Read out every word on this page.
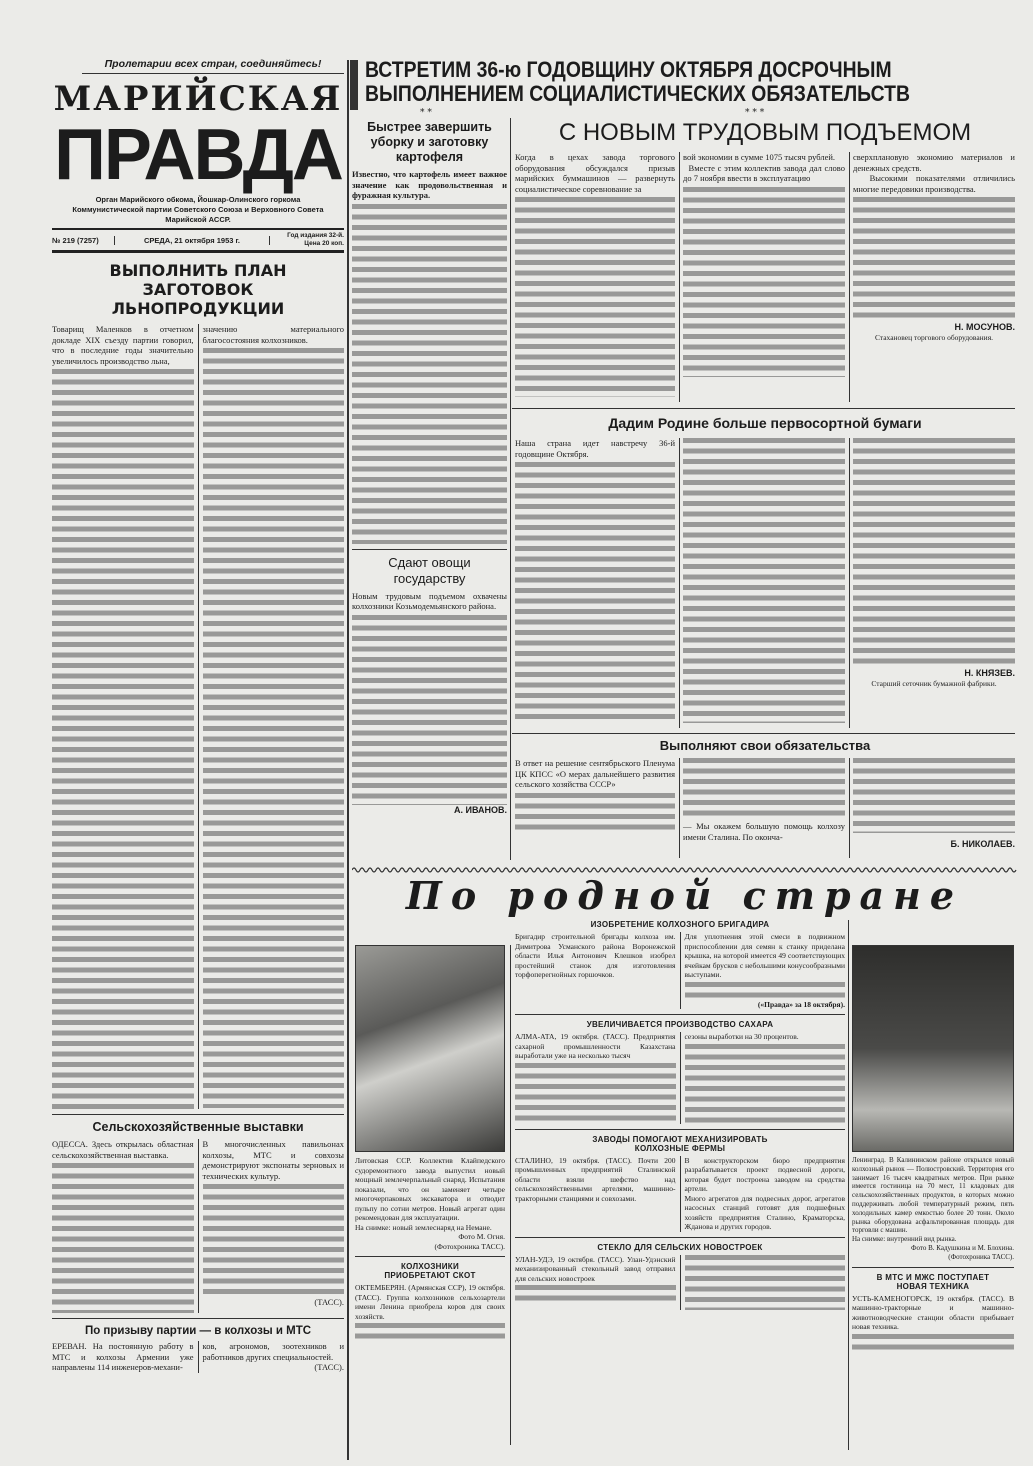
Пролетарии всех стран, соединяйтесь!
МАРИЙСКАЯ
ПРАВДА
Орган Марийского обкома, Йошкар-Олинского горкома Коммунистической партии Советского Союза и Верховного Совета Марийской АССР.
№ 219 (7257)	СРЕДА, 21 октября 1953 г.	Год издания 32-й.
Цена 20 коп.
ВЫПОЛНИТЬ ПЛАН ЗАГОТОВОК ЛЬНОПРОДУКЦИИ
Товарищ Маленков в отчетном докладе XIX съезду партии говорил, что в последние годы значительно увеличилось производство льна,
значению материального благосостояния колхозников.
Сельскохозяйственные выставки
ОДЕССА. Здесь открылась областная сельскохозяйственная выставка.
В многочисленных павильонах колхозы, МТС и совхозы демонстрируют экспонаты зерновых и технических культур.
(ТАСС).
По призыву партии — в колхозы и МТС
ЕРЕВАН. На постоянную работу в МТС и колхозы Армении уже направлены 114 инженеров-механи-
ков, агрономов, зоотехников и работников других специальностей.
(ТАСС).
ВСТРЕТИМ 36-ю ГОДОВЩИНУ ОКТЯБРЯ ДОСРОЧНЫМ
ВЫПОЛНЕНИЕМ СОЦИАЛИСТИЧЕСКИХ ОБЯЗАТЕЛЬСТВ
* *	* * *
Быстрее завершить уборку и заготовку картофеля
Известно, что картофель имеет важное значение как продовольственная и фуражная культура.
Сдают овощи государству
Новым трудовым подъемом охвачены колхозники Козьмодемьянского района.
А. ИВАНОВ.
С НОВЫМ ТРУДОВЫМ ПОДЪЕМОМ
Когда в цехах завода торгового оборудования обсуждался призыв марийских буммашинов — развернуть социалистическое соревнование за
вой экономии в сумме 1075 тысяч рублей.
Вместе с этим коллектив завода дал слово до 7 ноября ввести в эксплуатацию
сверхплановую экономию материалов и денежных средств.
Высокими показателями отличились многие передовики производства.
Н. МОСУНОВ.
Стахановец торгового оборудования.
Дадим Родине больше первосортной бумаги
Наша страна идет навстречу 36-й годовщине Октября.
Н. КНЯЗЕВ.
Старший сеточник бумажной фабрики.
Выполняют свои обязательства
В ответ на решение сентябрьского Пленума ЦК КПСС «О мерах дальнейшего развития сельского хозяйства СССР»
— Мы окажем большую помощь колхозу имени Сталина. По оконча-
Б. НИКОЛАЕВ.
По родной стране
Литовская ССР. Коллектив Клайпедского судоремонтного завода выпустил новый мощный землечерпальный снаряд. Испытания показали, что он заменяет четыре многочерпаковых экскаватора и отводит пульпу по сотни метров. Новый агрегат один рекомендован для эксплуатации.
На снимке: новый землеснаряд на Немане.
Фото М. Огня.
(Фотохроника ТАСС).
КОЛХОЗНИКИ ПРИОБРЕТАЮТ СКОТ
ОКТЕМБЕРЯН. (Армянская ССР), 19 октября. (ТАСС). Группа колхозников сельхозартели имени Ленина приобрела коров для своих хозяйств.
ИЗОБРЕТЕНИЕ КОЛХОЗНОГО БРИГАДИРА
Бригадир строительной бригады колхоза им. Димитрова Усманского района Воронежской области Илья Антонович Клешков изобрел простейший станок для изготовления торфоперегнойных горшочков.
Для уплотнения этой смеси в подвижном приспособлении для семян к станку приделана крышка, на которой имеется 49 соответствующих ячейкам брусков с небольшими конусообразными выступами.
(«Правда» за 18 октября).
УВЕЛИЧИВАЕТСЯ ПРОИЗВОДСТВО САХАРА
АЛМА-АТА, 19 октября. (ТАСС). Предприятия сахарной промышленности Казахстана выработали уже на несколько тысяч
сезоны выработки на 30 процентов.
ЗАВОДЫ ПОМОГАЮТ МЕХАНИЗИРОВАТЬ КОЛХОЗНЫЕ ФЕРМЫ
СТАЛИНО, 19 октября. (ТАСС). Почти 200 промышленных предприятий Сталинской области взяли шефство над сельскохозяйственными артелями, машинно-тракторными станциями и совхозами.
В конструкторском бюро предприятия разрабатывается проект подвесной дороги, которая будет построена заводом на средства артели.
Много агрегатов для подвесных дорог, агрегатов насосных станций готовят для подшефных хозяйств предприятия Сталино, Краматорска, Жданова и других городов.
СТЕКЛО ДЛЯ СЕЛЬСКИХ НОВОСТРОЕК
УЛАН-УДЭ, 19 октября. (ТАСС). Улан-Удэнский механизированный стекольный завод отправил для сельских новостроек
Ленинград. В Калининском районе открылся новый колхозный рынок — Полюстровский. Территория его занимает 16 тысяч квадратных метров. При рынке имеется гостиница на 70 мест, 11 кладовых для сельскохозяйственных продуктов, в которых можно поддерживать любой температурный режим, пять холодильных камер емкостью более 20 тонн. Около рынка оборудована асфальтированная площадь для торговли с машин.
На снимке: внутренний вид рынка.
Фото В. Кадушкина и М. Блохина.
(Фотохроника ТАСС).
В МТС И МЖС ПОСТУПАЕТ НОВАЯ ТЕХНИКА
УСТЬ-КАМЕНОГОРСК, 19 октября. (ТАСС). В машинно-тракторные и машинно-животноводческие станции области прибывает новая техника.
